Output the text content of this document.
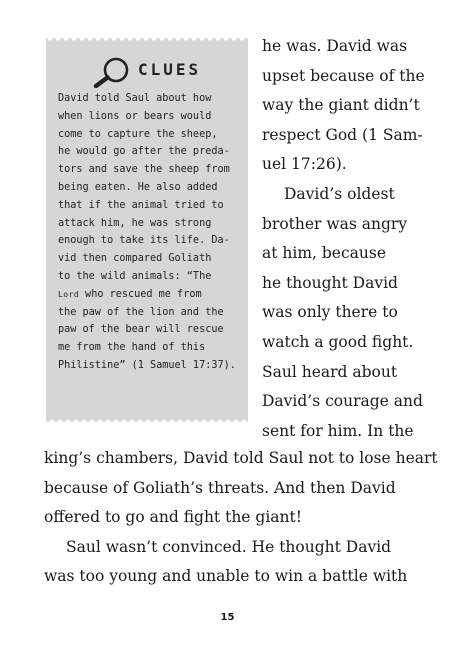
CLUES

David told Saul about how
when lions or bears would
come to capture the sheep,
he would go after the preda-
tors and save the sheep from
being eaten. He also added
that if the animal tried to
attack him, he was strong
enough to take its life. Da-
vid then compared Goliath
to the wild animals: “The
Lord who rescued me from
the paw of the lion and the
paw of the bear will rescue
me from the hand of this
Philistine” (1 Samuel 17:37).

he was. David was
upset because of the
way the giant didn’t
respect God (1 Sam-
uel 17:26).
David’s oldest
brother was angry
at him, because
he thought David
was only there to
watch a good fight.
Saul heard about
David’s courage and
sent for him. In the
king’s chambers, David told Saul not to lose heart
because of Goliath’s threats. And then David
offered to go and fight the giant!
Saul wasn’t convinced. He thought David
was too young and unable to win a battle with
15
